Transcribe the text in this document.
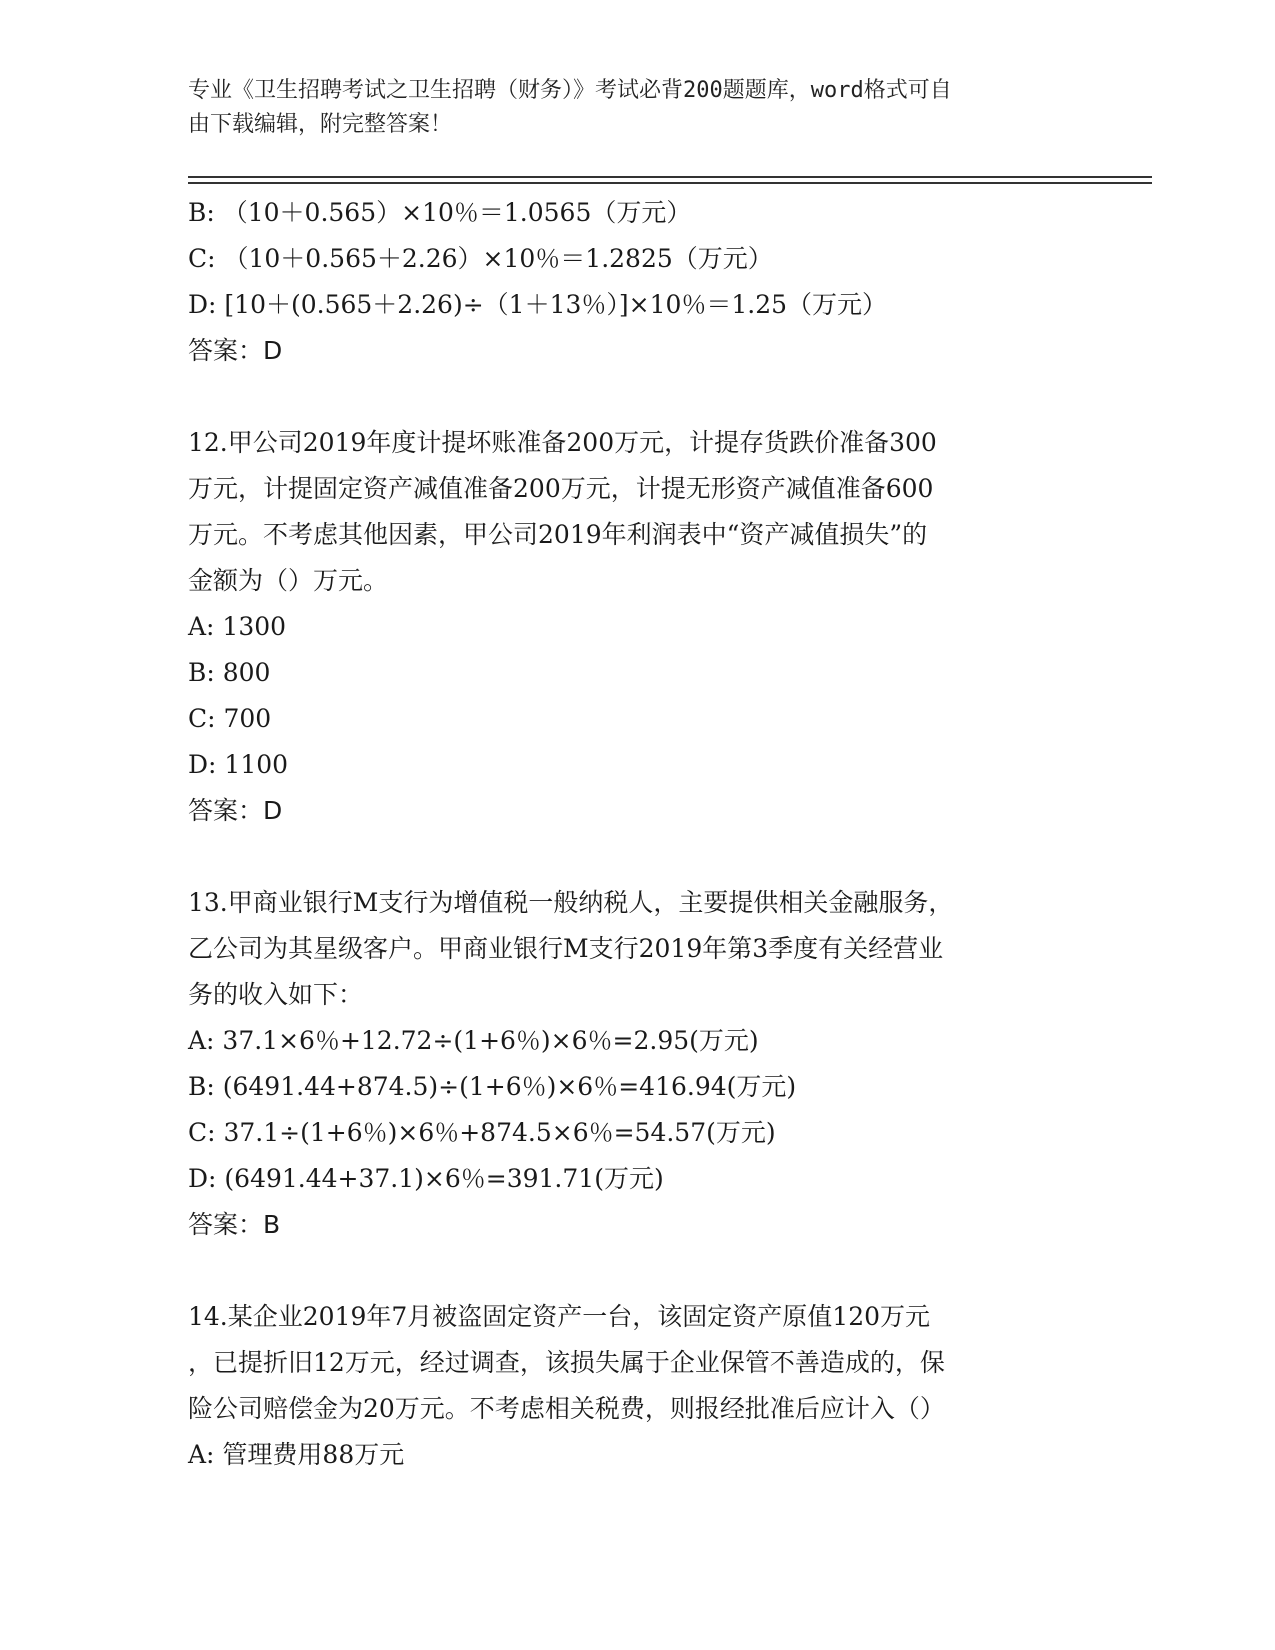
专业《卫生招聘考试之卫生招聘（财务）》考试必背200题题库，word格式可自
由下载编辑，附完整答案！
B: （10＋0.565）×10％＝1.0565（万元）
C: （10＋0.565＋2.26）×10％＝1.2825（万元）
D: [10＋(0.565＋2.26)÷（1＋13％）]×10％＝1.25（万元）
答案：D
12.甲公司2019年度计提坏账准备200万元，计提存货跌价准备300
万元，计提固定资产减值准备200万元，计提无形资产减值准备600
万元。不考虑其他因素，甲公司2019年利润表中“资产减值损失”的
金额为（）万元。
A: 1300
B: 800
C: 700
D: 1100
答案：D
13.甲商业银行M支行为增值税一般纳税人，主要提供相关金融服务，
乙公司为其星级客户。甲商业银行M支行2019年第3季度有关经营业
务的收入如下：
A: 37.1×6％+12.72÷(1+6％)×6％=2.95(万元)
B: (6491.44+874.5)÷(1+6％)×6％=416.94(万元)
C: 37.1÷(1+6％)×6％+874.5×6％=54.57(万元)
D: (6491.44+37.1)×6％=391.71(万元)
答案：B
14.某企业2019年7月被盗固定资产一台，该固定资产原值120万元
，已提折旧12万元，经过调查，该损失属于企业保管不善造成的，保
险公司赔偿金为20万元。不考虑相关税费，则报经批准后应计入（）
A: 管理费用88万元
